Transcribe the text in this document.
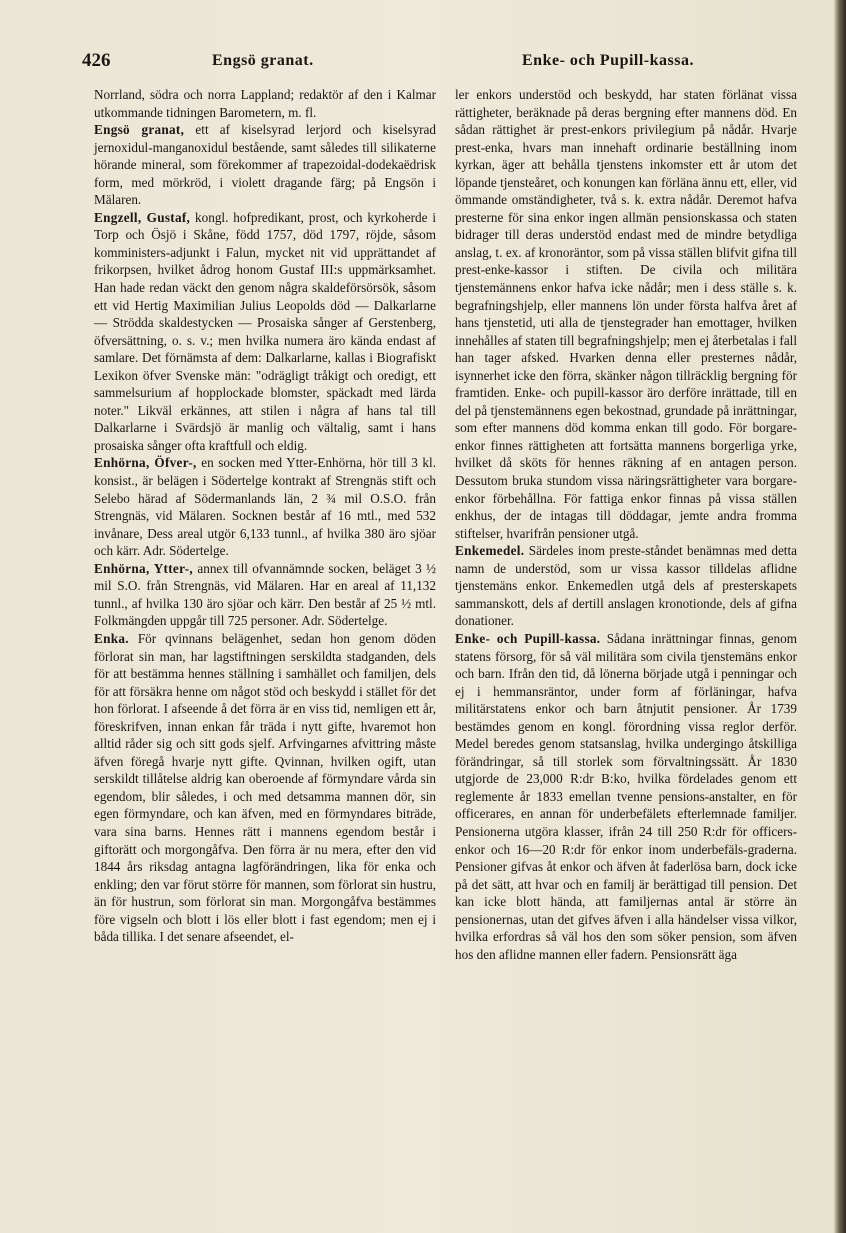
426	Engsö granat.	Enke- och Pupill-kassa.

Norrland, södra och norra Lappland; redaktör af den i Kalmar utkommande tidningen Barometern, m. fl.

Engsö granat, ett af kiselsyrad lerjord och kiselsyrad jernoxidul-manganoxidul bestående, samt således till silikaterne hörande mineral, som förekommer af trapezoidal-dodekaëdrisk form, med mörkröd, i violett dragande färg; på Engsön i Mälaren.

Engzell, Gustaf, kongl. hofpredikant, prost, och kyrkoherde i Torp och Ösjö i Skåne, född 1757, död 1797, röjde, såsom komministers-adjunkt i Falun, mycket nit vid upprättandet af frikorpsen, hvilket ådrog honom Gustaf III:s uppmärksamhet. Han hade redan väckt den genom några skaldeförsörsök, såsom ett vid Hertig Maximilian Julius Leopolds död — Dalkarlarne — Strödda skaldestycken — Prosaiska sånger af Gerstenberg, öfversättning, o. s. v.; men hvilka numera äro kända endast af samlare. Det förnämsta af dem: Dalkarlarne, kallas i Biografiskt Lexikon öfver Svenske män: "odrägligt tråkigt och oredigt, ett sammelsurium af hopplockade blomster, späckadt med lärda noter." Likväl erkännes, att stilen i några af hans tal till Dalkarlarne i Svärdsjö är manlig och vältalig, samt i hans prosaiska sånger ofta kraftfull och eldig.

Enhörna, Öfver-, en socken med Ytter-Enhörna, hör till 3 kl. konsist., är belägen i Södertelge kontrakt af Strengnäs stift och Selebo härad af Södermanlands län, 2 ¾ mil O.S.O. från Strengnäs, vid Mälaren. Socknen består af 16 mtl., med 532 invånare, Dess areal utgör 6,133 tunnl., af hvilka 380 äro sjöar och kärr. Adr. Södertelge.

Enhörna, Ytter-, annex till ofvannämnde socken, beläget 3 ½ mil S.O. från Strengnäs, vid Mälaren. Har en areal af 11,132 tunnl., af hvilka 130 äro sjöar och kärr. Den består af 25 ½ mtl. Folkmängden uppgår till 725 personer. Adr. Södertelge.

Enka. För qvinnans belägenhet, sedan hon genom döden förlorat sin man, har lagstiftningen serskildta stadganden, dels för att bestämma hennes ställning i samhället och familjen, dels för att försäkra henne om något stöd och beskydd i stället för det hon förlorat. I afseende å det förra är en viss tid, nemligen ett år, föreskrifven, innan enkan får träda i nytt gifte, hvaremot hon alltid råder sig och sitt gods sjelf. Arfvingarnes afvittring måste äfven föregå hvarje nytt gifte. Qvinnan, hvilken ogift, utan serskildt tillåtelse aldrig kan oberoende af förmyndare vårda sin egendom, blir således, i och med detsamma mannen dör, sin egen förmyndare, och kan äfven, med en förmyndares biträde, vara sina barns. Hennes rätt i mannens egendom består i giftorätt och morgongåfva. Den förra är nu mera, efter den vid 1844 års riksdag antagna lagförändringen, lika för enka och enkling; den var förut större för mannen, som förlorat sin hustru, än för hustrun, som förlorat sin man. Morgongåfva bestämmes före vigseln och blott i lös eller blott i fast egendom; men ej i båda tillika. I det senare afseendet, el-

ler enkors understöd och beskydd, har staten förlänat vissa rättigheter, beräknade på deras bergning efter mannens död. En sådan rättighet är prest-enkors privilegium på nådår. Hvarje prest-enka, hvars man innehaft ordinarie beställning inom kyrkan, äger att behålla tjenstens inkomster ett år utom det löpande tjensteåret, och konungen kan förläna ännu ett, eller, vid ömmande omständigheter, två s. k. extra nådår. Deremot hafva presterne för sina enkor ingen allmän pensionskassa och staten bidrager till deras understöd endast med de mindre betydliga anslag, t. ex. af kronoräntor, som på vissa ställen blifvit gifna till prest-enke-kassor i stiften. De civila och militära tjenstemännens enkor hafva icke nådår; men i dess ställe s. k. begrafningshjelp, eller mannens lön under första halfva året af hans tjenstetid, uti alla de tjenstegrader han emottager, hvilken innehålles af staten till begrafningshjelp; men ej återbetalas i fall han tager afsked. Hvarken denna eller presternes nådår, isynnerhet icke den förra, skänker någon tillräcklig bergning för framtiden. Enke- och pupill-kassor äro derföre inrättade, till en del på tjenstemännens egen bekostnad, grundade på inrättningar, som efter mannens död komma enkan till godo. För borgare-enkor finnes rättigheten att fortsätta mannens borgerliga yrke, hvilket då sköts för hennes räkning af en antagen person. Dessutom bruka stundom vissa näringsrättigheter vara borgare-enkor förbehållna. För fattiga enkor finnas på vissa ställen enkhus, der de intagas till döddagar, jemte andra fromma stiftelser, hvarifrån pensioner utgå.

Enkemedel. Särdeles inom preste-ståndet benämnas med detta namn de understöd, som ur vissa kassor tilldelas aflidne tjenstemäns enkor. Enkemedlen utgå dels af presterskapets sammanskott, dels af dertill anslagen kronotionde, dels af gifna donationer.

Enke- och Pupill-kassa. Sådana inrättningar finnas, genom statens försorg, för så väl militära som civila tjenstemäns enkor och barn. Ifrån den tid, då lönerna började utgå i penningar och ej i hemmansräntor, under form af förläningar, hafva militärstatens enkor och barn åtnjutit pensioner. År 1739 bestämdes genom en kongl. förordning vissa reglor derför. Medel beredes genom statsanslag, hvilka undergingo åtskilliga förändringar, så till storlek som förvaltningssätt. År 1830 utgjorde de 23,000 R:dr B:ko, hvilka fördelades genom ett reglemente år 1833 emellan tvenne pensions-anstalter, en för officerares, en annan för underbefälets efterlemnade familjer. Pensionerna utgöra klasser, ifrån 24 till 250 R:dr för officers-enkor och 16—20 R:dr för enkor inom underbefäls-graderna. Pensioner gifvas åt enkor och äfven åt faderlösa barn, dock icke på det sätt, att hvar och en familj är berättigad till pension. Det kan icke blott hända, att familjernas antal är större än pensionernas, utan det gifves äfven i alla händelser vissa vilkor, hvilka erfordras så väl hos den som söker pension, som äfven hos den aflidne mannen eller fadern. Pensionsrätt äga
